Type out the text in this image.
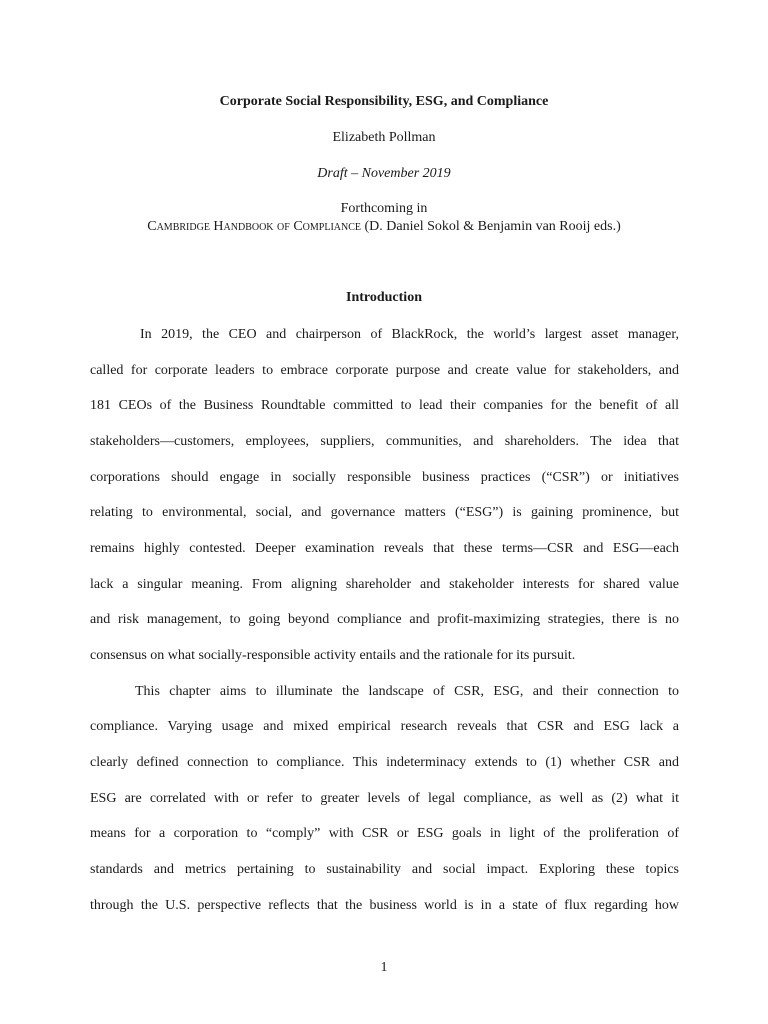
Corporate Social Responsibility, ESG, and Compliance
Elizabeth Pollman
Draft – November 2019
Forthcoming in
Cambridge Handbook of Compliance (D. Daniel Sokol & Benjamin van Rooij eds.)
Introduction
In 2019, the CEO and chairperson of BlackRock, the world’s largest asset manager,
called for corporate leaders to embrace corporate purpose and create value for stakeholders, and
181 CEOs of the Business Roundtable committed to lead their companies for the benefit of all
stakeholders—customers, employees, suppliers, communities, and shareholders. The idea that
corporations should engage in socially responsible business practices (“CSR”) or initiatives
relating to environmental, social, and governance matters (“ESG”) is gaining prominence, but
remains highly contested. Deeper examination reveals that these terms—CSR and ESG—each
lack a singular meaning. From aligning shareholder and stakeholder interests for shared value
and risk management, to going beyond compliance and profit-maximizing strategies, there is no
consensus on what socially-responsible activity entails and the rationale for its pursuit.
This chapter aims to illuminate the landscape of CSR, ESG, and their connection to
compliance. Varying usage and mixed empirical research reveals that CSR and ESG lack a
clearly defined connection to compliance. This indeterminacy extends to (1) whether CSR and
ESG are correlated with or refer to greater levels of legal compliance, as well as (2) what it
means for a corporation to “comply” with CSR or ESG goals in light of the proliferation of
standards and metrics pertaining to sustainability and social impact. Exploring these topics
through the U.S. perspective reflects that the business world is in a state of flux regarding how
1
